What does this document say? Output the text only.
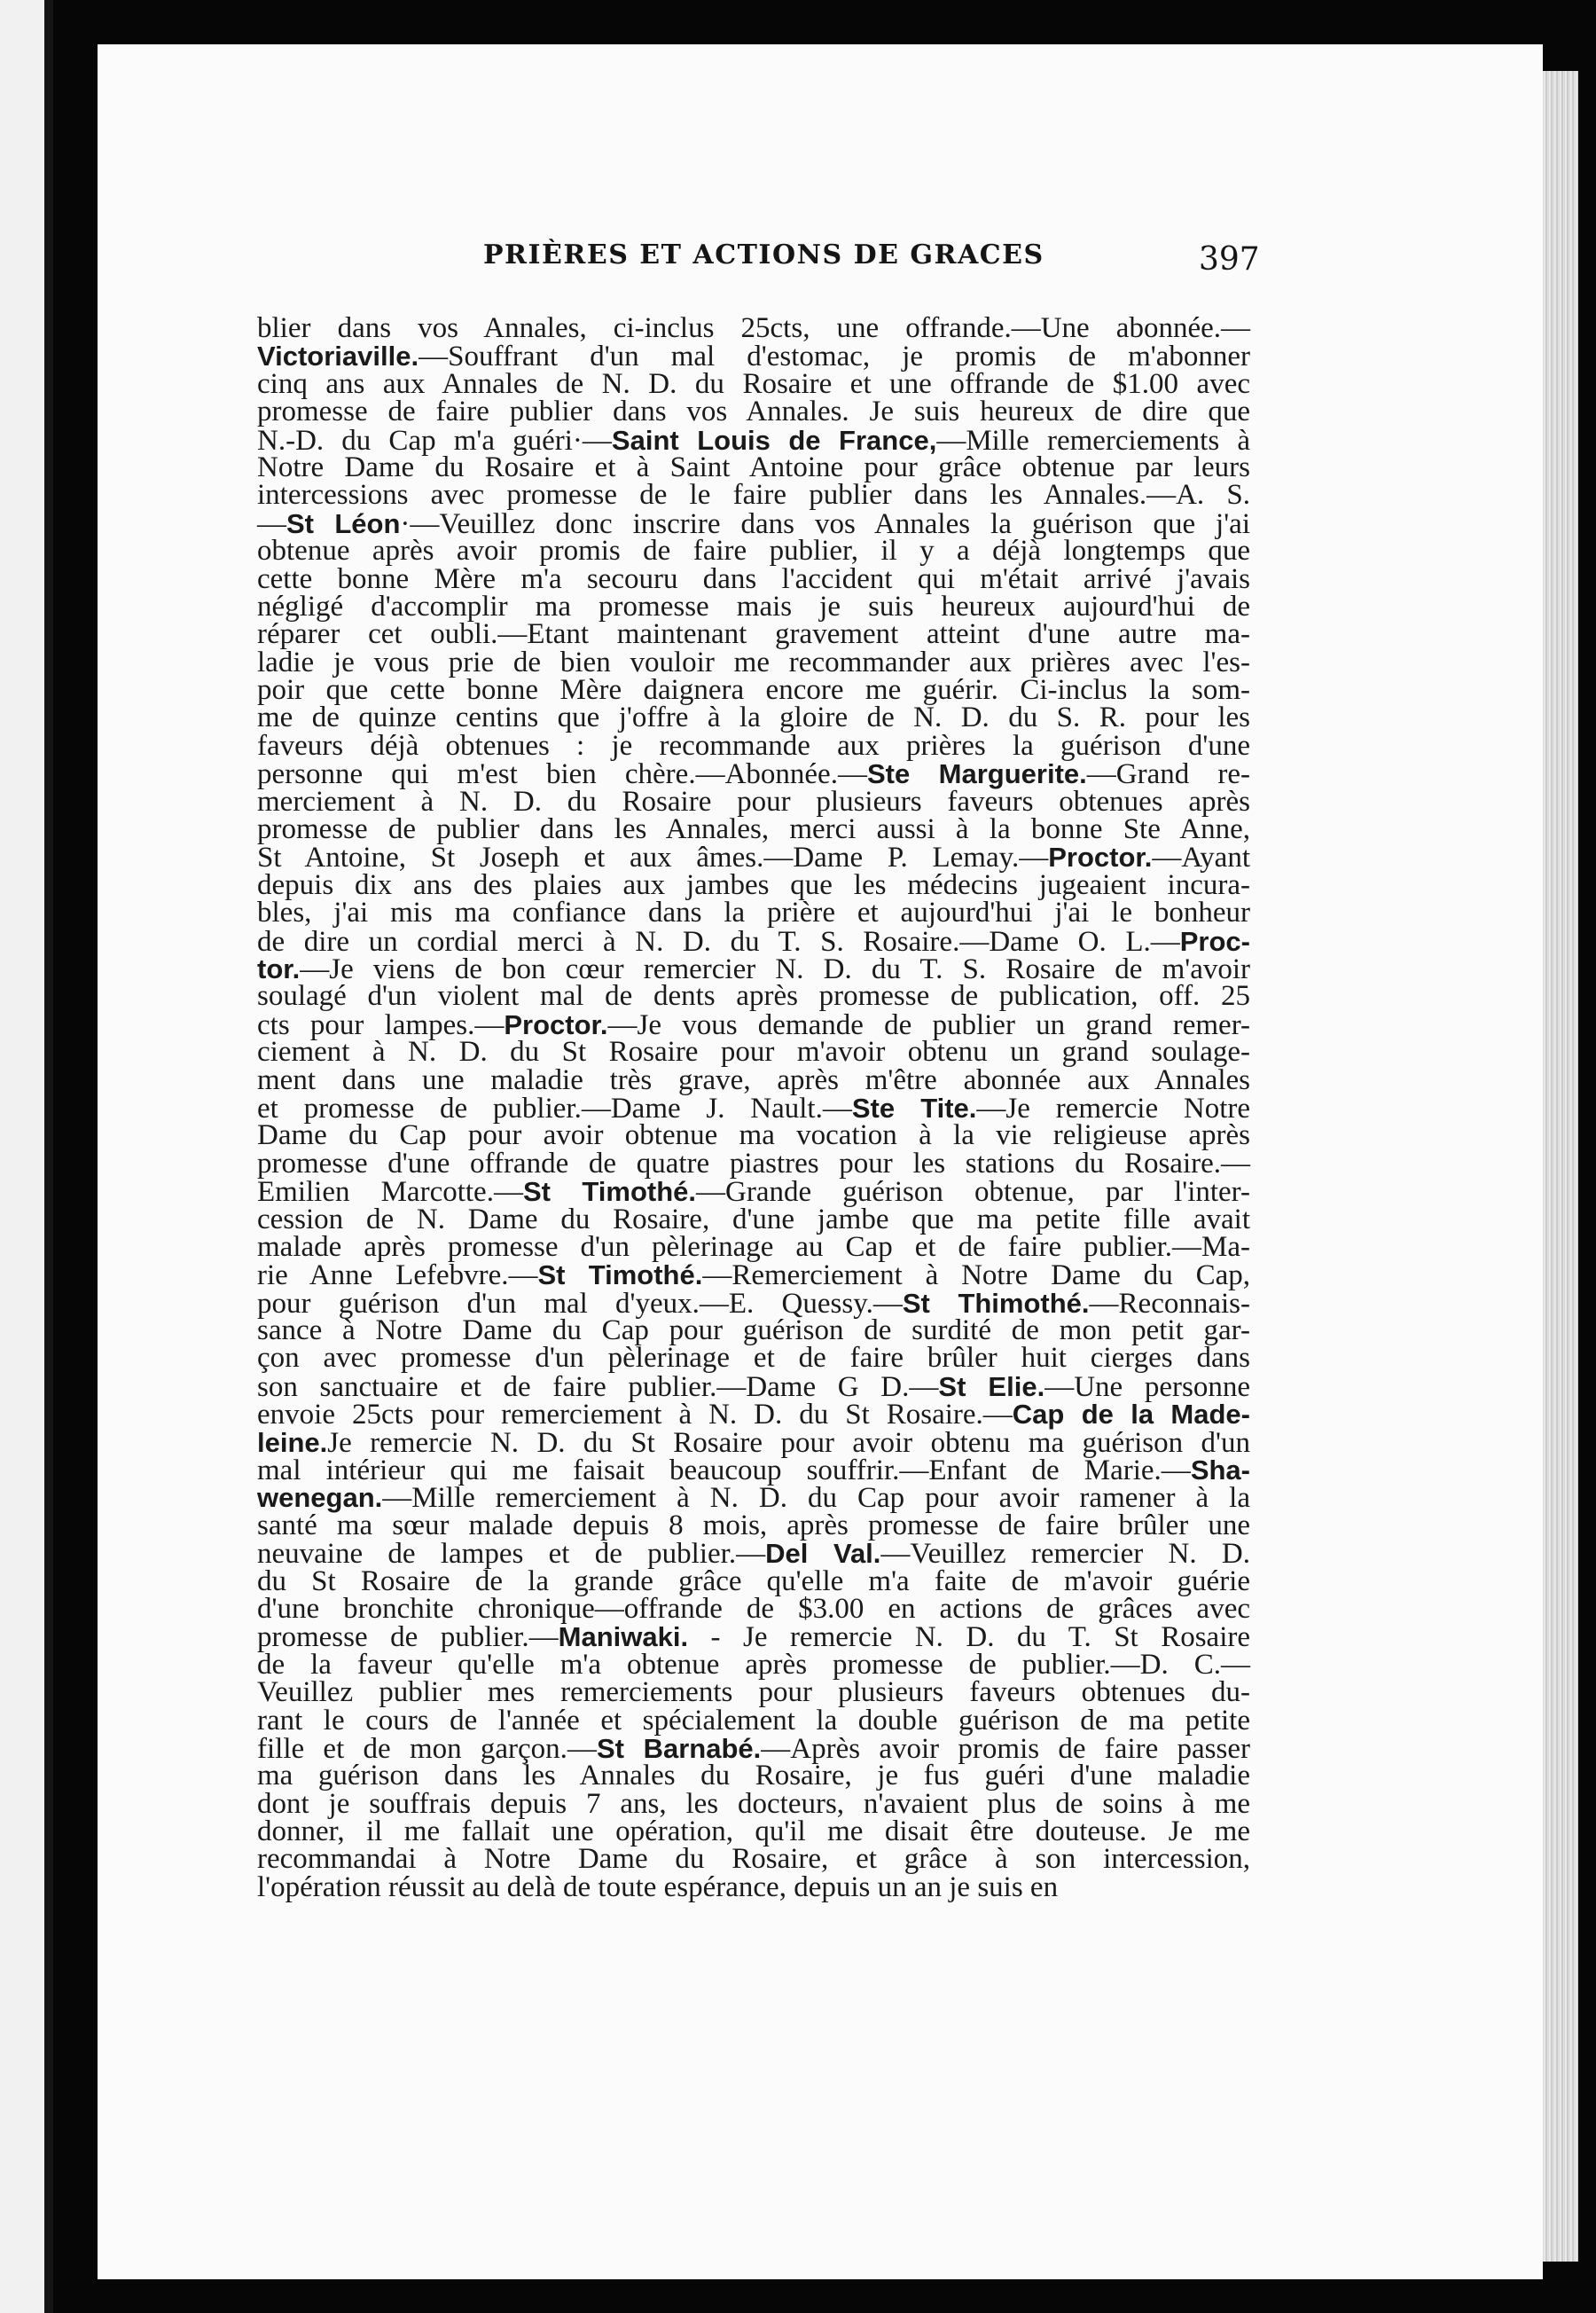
PRIÈRES ET ACTIONS DE GRACES	397
blier dans vos Annales, ci-inclus 25cts, une offrande.—Une abonnée.—
Victoriaville.—Souffrant d'un mal d'estomac, je promis de m'abonner
cinq ans aux Annales de N. D. du Rosaire et une offrande de $1.00 avec
promesse de faire publier dans vos Annales. Je suis heureux de dire que
N.-D. du Cap m'a guéri·—Saint Louis de France,—Mille remerciements à
Notre Dame du Rosaire et à Saint Antoine pour grâce obtenue par leurs
intercessions avec promesse de le faire publier dans les Annales.—A. S.
—St Léon·—Veuillez donc inscrire dans vos Annales la guérison que j'ai
obtenue après avoir promis de faire publier, il y a déjà longtemps que
cette bonne Mère m'a secouru dans l'accident qui m'était arrivé j'avais
négligé d'accomplir ma promesse mais je suis heureux aujourd'hui de
réparer cet oubli.—Etant maintenant gravement atteint d'une autre ma-
ladie je vous prie de bien vouloir me recommander aux prières avec l'es-
poir que cette bonne Mère daignera encore me guérir. Ci-inclus la som-
me de quinze centins que j'offre à la gloire de N. D. du S. R. pour les
faveurs déjà obtenues : je recommande aux prières la guérison d'une
personne qui m'est bien chère.—Abonnée.—Ste Marguerite.—Grand re-
merciement à N. D. du Rosaire pour plusieurs faveurs obtenues après
promesse de publier dans les Annales, merci aussi à la bonne Ste Anne,
St Antoine, St Joseph et aux âmes.—Dame P. Lemay.—Proctor.—Ayant
depuis dix ans des plaies aux jambes que les médecins jugeaient incura-
bles, j'ai mis ma confiance dans la prière et aujourd'hui j'ai le bonheur
de dire un cordial merci à N. D. du T. S. Rosaire.—Dame O. L.—Proc-
tor.—Je viens de bon cœur remercier N. D. du T. S. Rosaire de m'avoir
soulagé d'un violent mal de dents après promesse de publication, off. 25
cts pour lampes.—Proctor.—Je vous demande de publier un grand remer-
ciement à N. D. du St Rosaire pour m'avoir obtenu un grand soulage-
ment dans une maladie très grave, après m'être abonnée aux Annales
et promesse de publier.—Dame J. Nault.—Ste Tite.—Je remercie Notre
Dame du Cap pour avoir obtenue ma vocation à la vie religieuse après
promesse d'une offrande de quatre piastres pour les stations du Rosaire.—
Emilien Marcotte.—St Timothé.—Grande guérison obtenue, par l'inter-
cession de N. Dame du Rosaire, d'une jambe que ma petite fille avait
malade après promesse d'un pèlerinage au Cap et de faire publier.—Ma-
rie Anne Lefebvre.—St Timothé.—Remerciement à Notre Dame du Cap,
pour guérison d'un mal d'yeux.—E. Quessy.—St Thimothé.—Reconnais-
sance à Notre Dame du Cap pour guérison de surdité de mon petit gar-
çon avec promesse d'un pèlerinage et de faire brûler huit cierges dans
son sanctuaire et de faire publier.—Dame G D.—St Elie.—Une personne
envoie 25cts pour remerciement à N. D. du St Rosaire.—Cap de la Made-
leine.Je remercie N. D. du St Rosaire pour avoir obtenu ma guérison d'un
mal intérieur qui me faisait beaucoup souffrir.—Enfant de Marie.—Sha-
wenegan.—Mille remerciement à N. D. du Cap pour avoir ramener à la
santé ma sœur malade depuis 8 mois, après promesse de faire brûler une
neuvaine de lampes et de publier.—Del Val.—Veuillez remercier N. D.
du St Rosaire de la grande grâce qu'elle m'a faite de m'avoir guérie
d'une bronchite chronique—offrande de $3.00 en actions de grâces avec
promesse de publier.—Maniwaki. - Je remercie N. D. du T. St Rosaire
de la faveur qu'elle m'a obtenue après promesse de publier.—D. C.—
Veuillez publier mes remerciements pour plusieurs faveurs obtenues du-
rant le cours de l'année et spécialement la double guérison de ma petite
fille et de mon garçon.—St Barnabé.—Après avoir promis de faire passer
ma guérison dans les Annales du Rosaire, je fus guéri d'une maladie
dont je souffrais depuis 7 ans, les docteurs, n'avaient plus de soins à me
donner, il me fallait une opération, qu'il me disait être douteuse. Je me
recommandai à Notre Dame du Rosaire, et grâce à son intercession,
l'opération réussit au delà de toute espérance, depuis un an je suis en
